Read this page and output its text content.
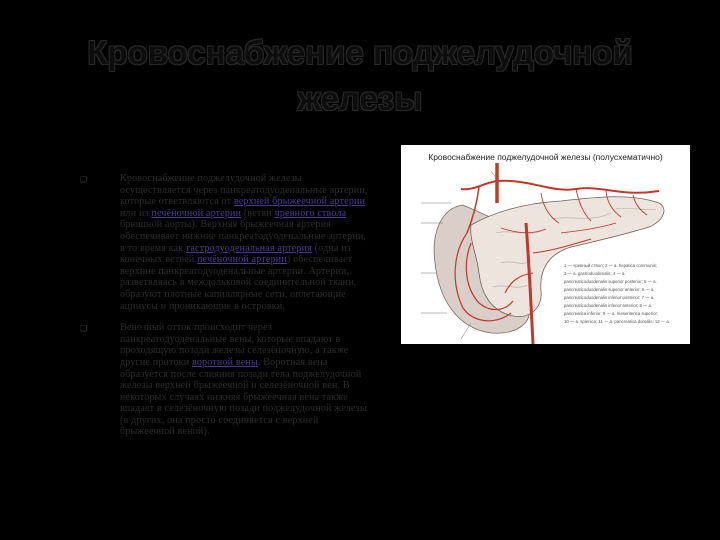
Кровоснабжение поджелудочной железы
❑	Кровоснабжение поджелудочной железы осуществляется через панкреатодуоденальные артерии, которые ответвляются от верхней брыжеечной артерии или из печёночной артерии (ветви чревного ствола брюшной аорты). Верхняя брыжеечная артерия обеспечивает нижние панкреатодуоденальные артерии, в то время как гастродуоденальная артерия (одна из конечных ветвей печёночной артерии) обеспечивает верхние панкреатодуоденальные артерии. Артерии, разветвляясь в междольковой соединительной ткани, образуют плотные капиллярные сети, оплетающие ацинусы и проникающие в островки.

❑	Венозный отток происходит через панкреатодуоденальные вены, которые впадают в проходящую позади железы селезёночную, а также другие притоки воротной вены. Воротная вена образуется после слияния позади тела поджелудочной железы верхней брыжеечной и селезёночной вен. В некоторых случаях нижняя брыжеечная вена также впадает в селезёночную позади поджелудочной железы (в других, она просто соединяется с верхней брыжеечной веной).

Кровоснабжение поджелудочной железы (полусхематично)
1 — чревный ствол; 2 — а. hepatica communis;
3 — а. gastroduodenalis; 4 — а.
pancreaticoduodenalis superior posterior; 5 — а.
pancreaticoduodenalis superior anterior; 6 — а.
pancreaticoduodenalis inferior posterior; 7 — а.
pancreaticoduodenalis inferior anterior; 8 — а.
pancreatica inferior; 9 — а. mesenterica superior;
10 — а. splenica; 11 — а. pancreatica dorsalis; 12 — а.
